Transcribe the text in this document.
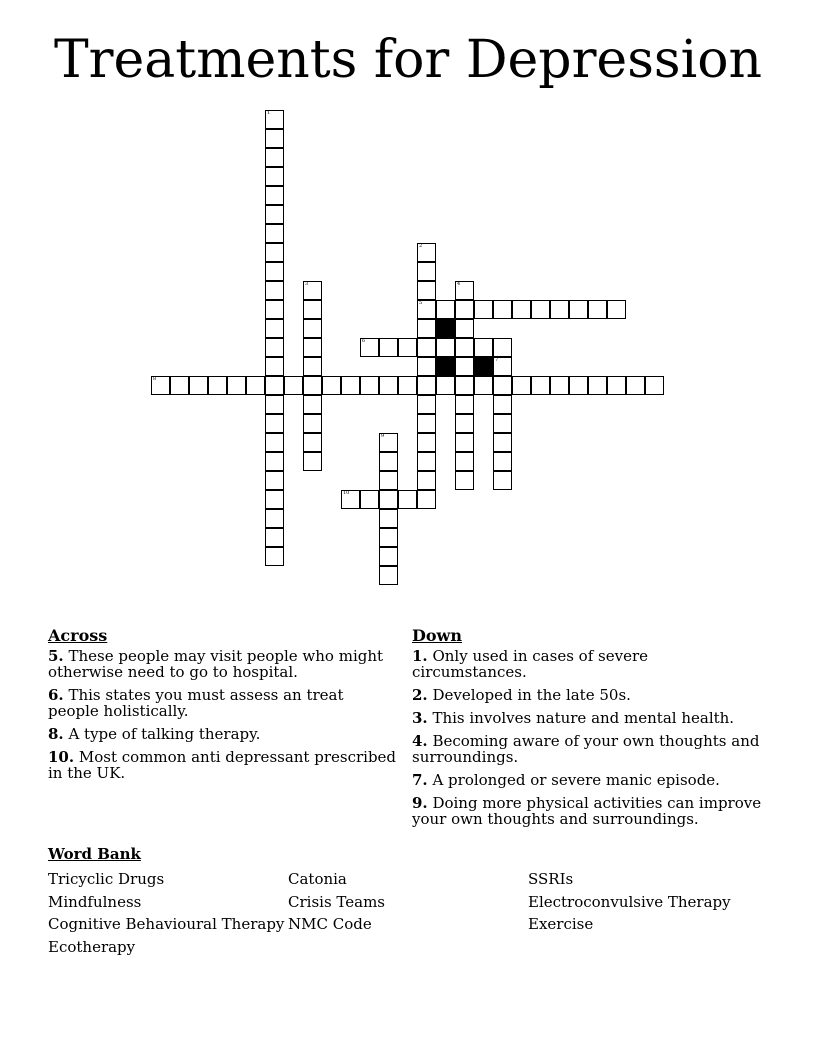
Treatments for Depression
1
2
5
3	4
6
7
8
9
10
Across
5. These people may visit people who might otherwise need to go to hospital.
6. This states you must assess an treat people holistically.
8. A type of talking therapy.
10. Most common anti depressant prescribed in the UK.
Down
1. Only used in cases of severe circumstances.
2. Developed in the late 50s.
3. This involves nature and mental health.
4. Becoming aware of your own thoughts and surroundings.
7. A prolonged or severe manic episode.
9. Doing more physical activities can improve your own thoughts and surroundings.
Word Bank
Tricyclic Drugs
Mindfulness
Cognitive Behavioural Therapy
Ecotherapy
Catonia
Crisis Teams
NMC Code
SSRIs
Electroconvulsive Therapy
Exercise
